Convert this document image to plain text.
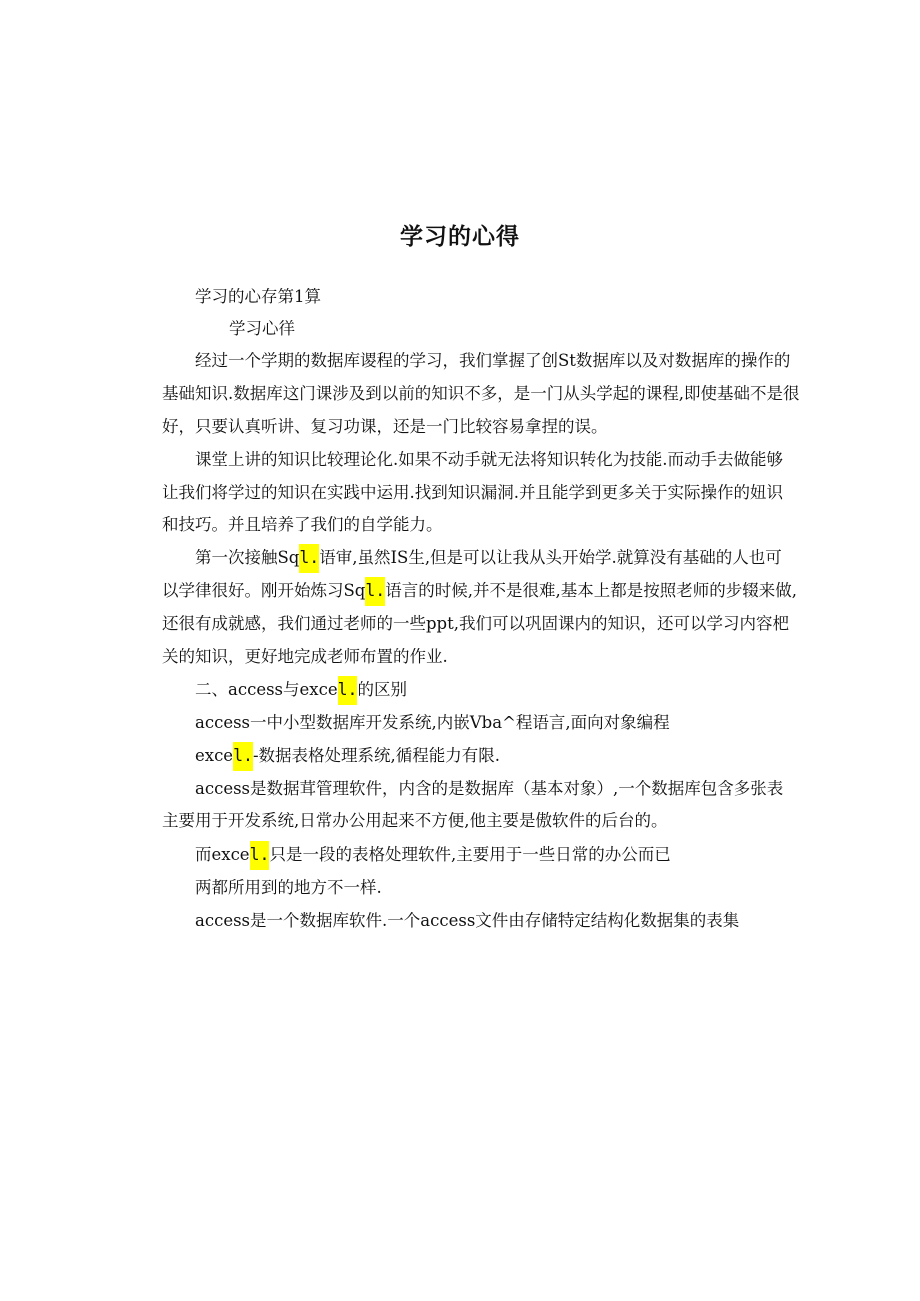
学习的心得
学习的心存第1算
学习心徉
经过一个学期的数据库谡程的学习，我们掌握了创St数据库以及对数据库的操作的
基础知识.数据库这门课涉及到以前的知识不多，是一门从头学起的课程,即使基础不是很
好，只要认真听讲、复习功课，还是一门比较容易拿捏的误。
课堂上讲的知识比较理论化.如果不动手就无法将知识转化为技能.而动手去做能够
让我们将学过的知识在实践中运用.找到知识漏洞.并且能学到更多关于实际操作的妞识
和技巧。并且培养了我们的自学能力。
第一次接触Sql.语审,虽然IS生,但是可以让我从头开始学.就算没有基础的人也可
以学律很好。刚开始炼习Sql.语言的时候,并不是很难,基本上都是按照老师的步辍来做,
还很有成就感，我们通过老师的一些ppt,我们可以巩固课内的知识，还可以学习内容杷
关的知识，更好地完成老师布置的作业.
二、access与excel.的区别
access一中小型数据库开发系统,内嵌Vba^程语言,面向对象编程
excel.-数据表格处理系统,循程能力有限.
access是数据茸管理软件，内含的是数据库（基本对象）,一个数据库包含多张表
主要用于开发系统,日常办公用起来不方便,他主要是傲软件的后台的。
而excel.只是一段的表格处理软件,主要用于一些日常的办公而已
两都所用到的地方不一样.
access是一个数据库软件.一个access文件由存储特定结构化数据集的表集
